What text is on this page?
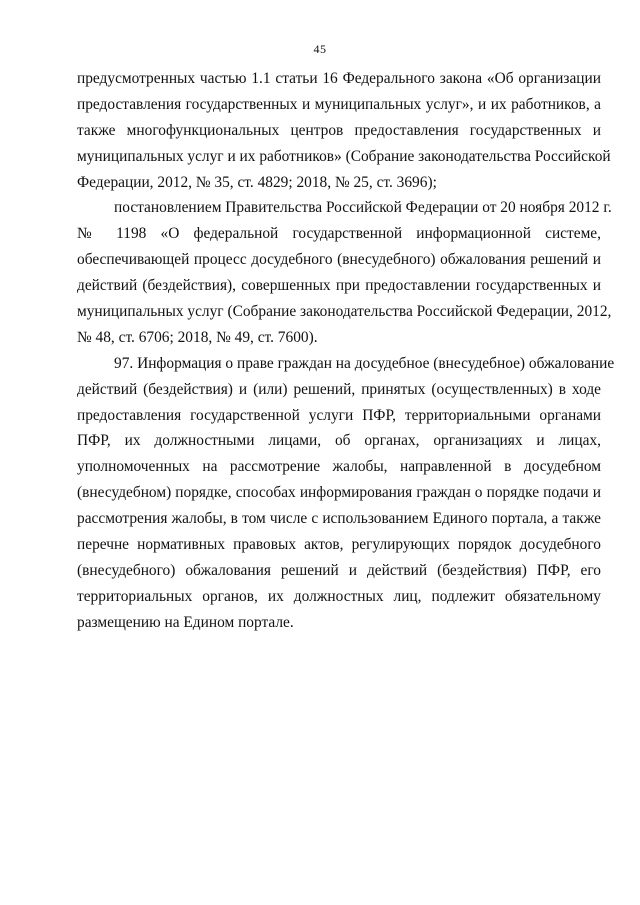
45
предусмотренных частью 1.1 статьи 16 Федерального закона «Об организации
предоставления государственных и муниципальных услуг», и их работников, а
также многофункциональных центров предоставления государственных и
муниципальных услуг и их работников» (Собрание законодательства Российской
Федерации, 2012, № 35, ст. 4829; 2018, № 25, ст. 3696);
постановлением Правительства Российской Федерации от 20 ноября 2012 г.
№ 1198 «О федеральной государственной информационной системе,
обеспечивающей процесс досудебного (внесудебного) обжалования решений и
действий (бездействия), совершенных при предоставлении государственных и
муниципальных услуг (Собрание законодательства Российской Федерации, 2012,
№ 48, ст. 6706; 2018, № 49, ст. 7600).
97. Информация о праве граждан на досудебное (внесудебное) обжалование
действий (бездействия) и (или) решений, принятых (осуществленных) в ходе
предоставления государственной услуги ПФР, территориальными органами
ПФР, их должностными лицами, об органах, организациях и лицах,
уполномоченных на рассмотрение жалобы, направленной в досудебном
(внесудебном) порядке, способах информирования граждан о порядке подачи и
рассмотрения жалобы, в том числе с использованием Единого портала, а также
перечне нормативных правовых актов, регулирующих порядок досудебного
(внесудебного) обжалования решений и действий (бездействия) ПФР, его
территориальных органов, их должностных лиц, подлежит обязательному
размещению на Едином портале.
